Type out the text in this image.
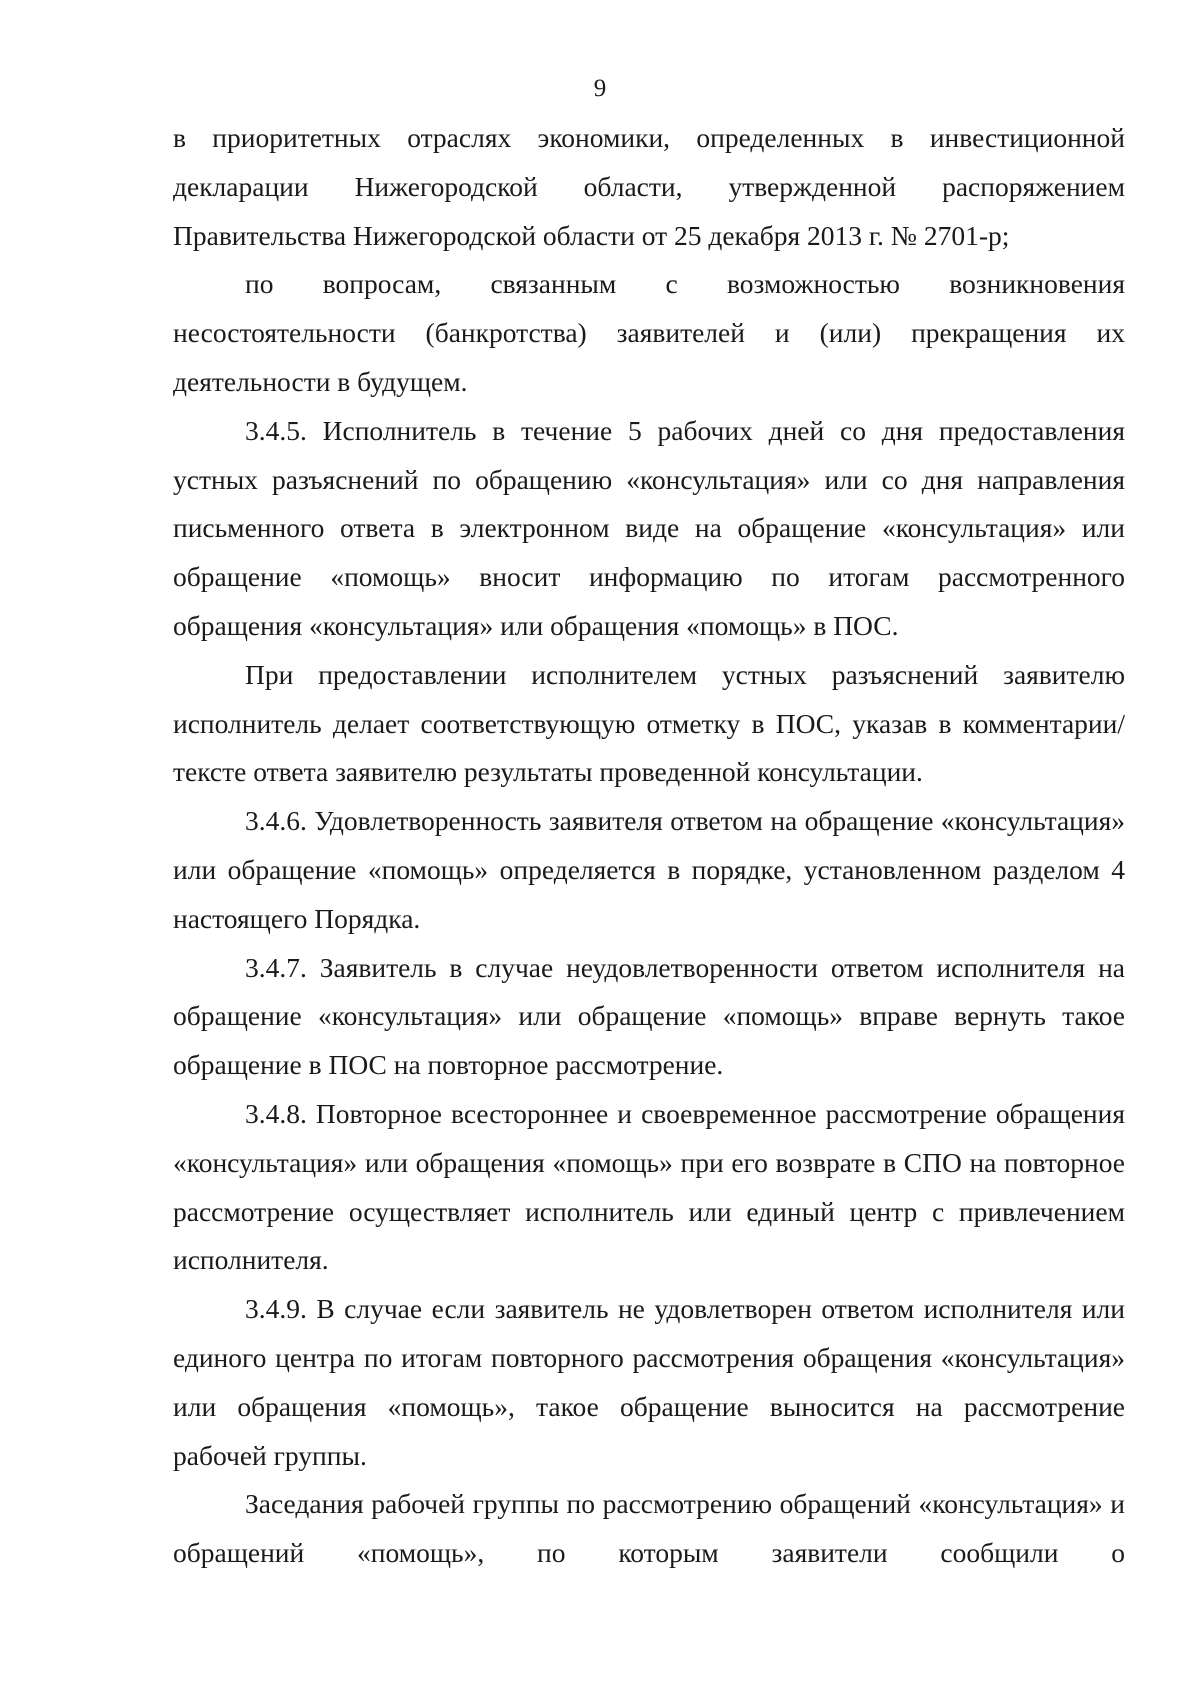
9

в приоритетных отраслях экономики, определенных в инвестиционной декларации Нижегородской области, утвержденной распоряжением Правительства Нижегородской области от 25 декабря 2013 г. № 2701-р;

по вопросам, связанным с возможностью возникновения несостоятельности (банкротства) заявителей и (или) прекращения их деятельности в будущем.

3.4.5. Исполнитель в течение 5 рабочих дней со дня предоставления устных разъяснений по обращению «консультация» или со дня направления письменного ответа в электронном виде на обращение «консультация» или обращение «помощь» вносит информацию по итогам рассмотренного обращения «консультация» или обращения «помощь» в ПОС.

При предоставлении исполнителем устных разъяснений заявителю исполнитель делает соответствующую отметку в ПОС, указав в комментарии/тексте ответа заявителю результаты проведенной консультации.

3.4.6. Удовлетворенность заявителя ответом на обращение «консультация» или обращение «помощь» определяется в порядке, установленном разделом 4 настоящего Порядка.

3.4.7. Заявитель в случае неудовлетворенности ответом исполнителя на обращение «консультация» или обращение «помощь» вправе вернуть такое обращение в ПОС на повторное рассмотрение.

3.4.8. Повторное всестороннее и своевременное рассмотрение обращения «консультация» или обращения «помощь» при его возврате в СПО на повторное рассмотрение осуществляет исполнитель или единый центр с привлечением исполнителя.

3.4.9. В случае если заявитель не удовлетворен ответом исполнителя или единого центра по итогам повторного рассмотрения обращения «консультация» или обращения «помощь», такое обращение выносится на рассмотрение рабочей группы.

Заседания рабочей группы по рассмотрению обращений «консультация» и обращений «помощь», по которым заявители сообщили о
